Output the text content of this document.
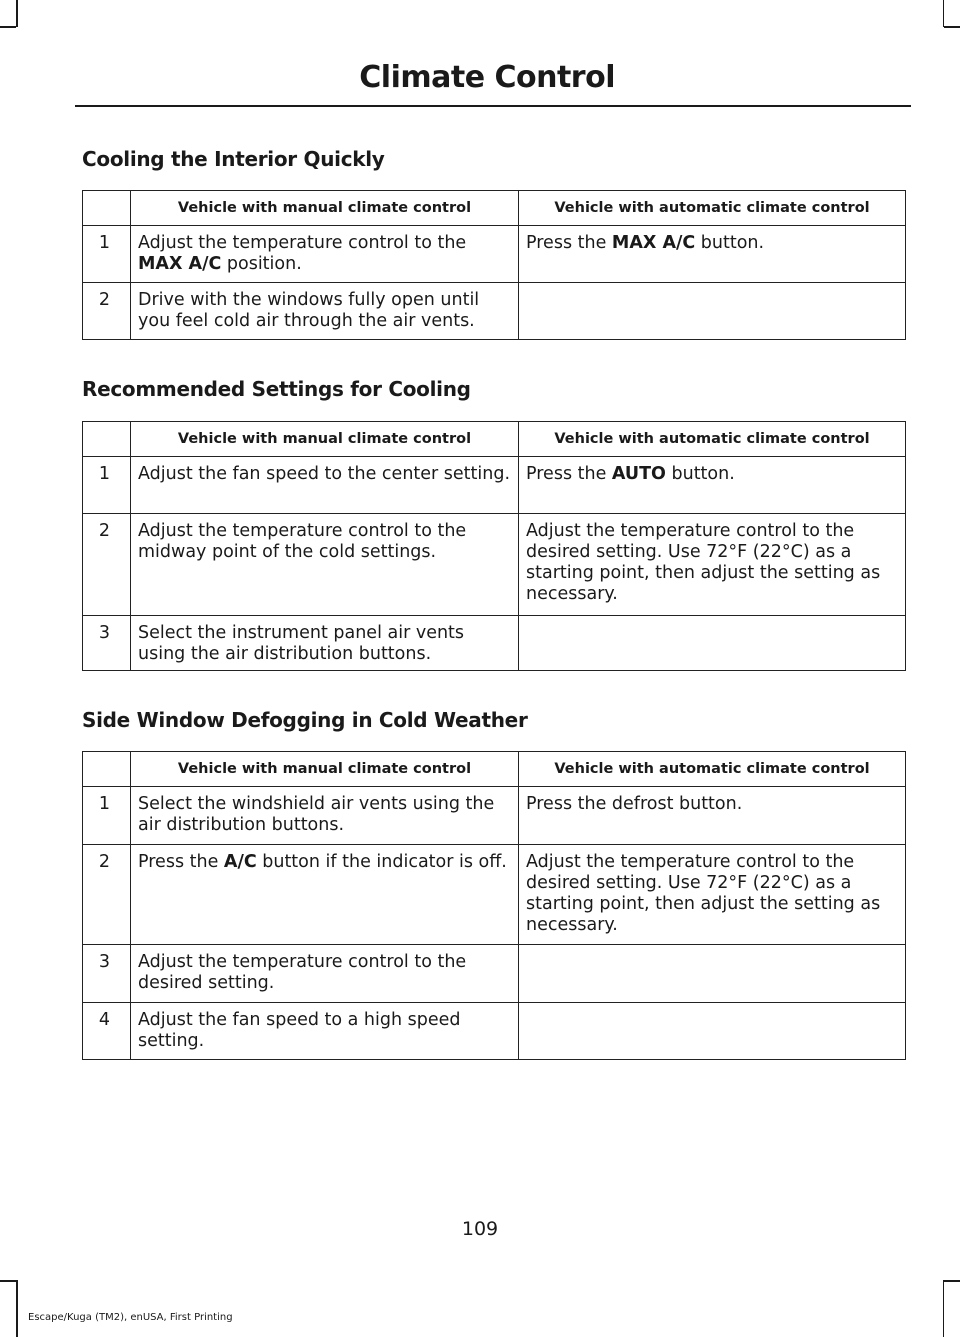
Climate Control
Cooling the Interior Quickly
	Vehicle with manual climate control	Vehicle with automatic climate control
1	Adjust the temperature control to the MAX A/C position.	Press the MAX A/C button.
2	Drive with the windows fully open until you feel cold air through the air vents.	
Recommended Settings for Cooling
	Vehicle with manual climate control	Vehicle with automatic climate control
1	Adjust the fan speed to the center setting.	Press the AUTO button.
2	Adjust the temperature control to the midway point of the cold settings.	Adjust the temperature control to the desired setting. Use 72°F (22°C) as a starting point, then adjust the setting as necessary.
3	Select the instrument panel air vents using the air distribution buttons.	
Side Window Defogging in Cold Weather
	Vehicle with manual climate control	Vehicle with automatic climate control
1	Select the windshield air vents using the air distribution buttons.	Press the defrost button.
2	Press the A/C button if the indicator is off.	Adjust the temperature control to the desired setting. Use 72°F (22°C) as a starting point, then adjust the setting as necessary.
3	Adjust the temperature control to the desired setting.	
4	Adjust the fan speed to a high speed setting.	
109
Escape/Kuga (TM2), enUSA, First Printing
